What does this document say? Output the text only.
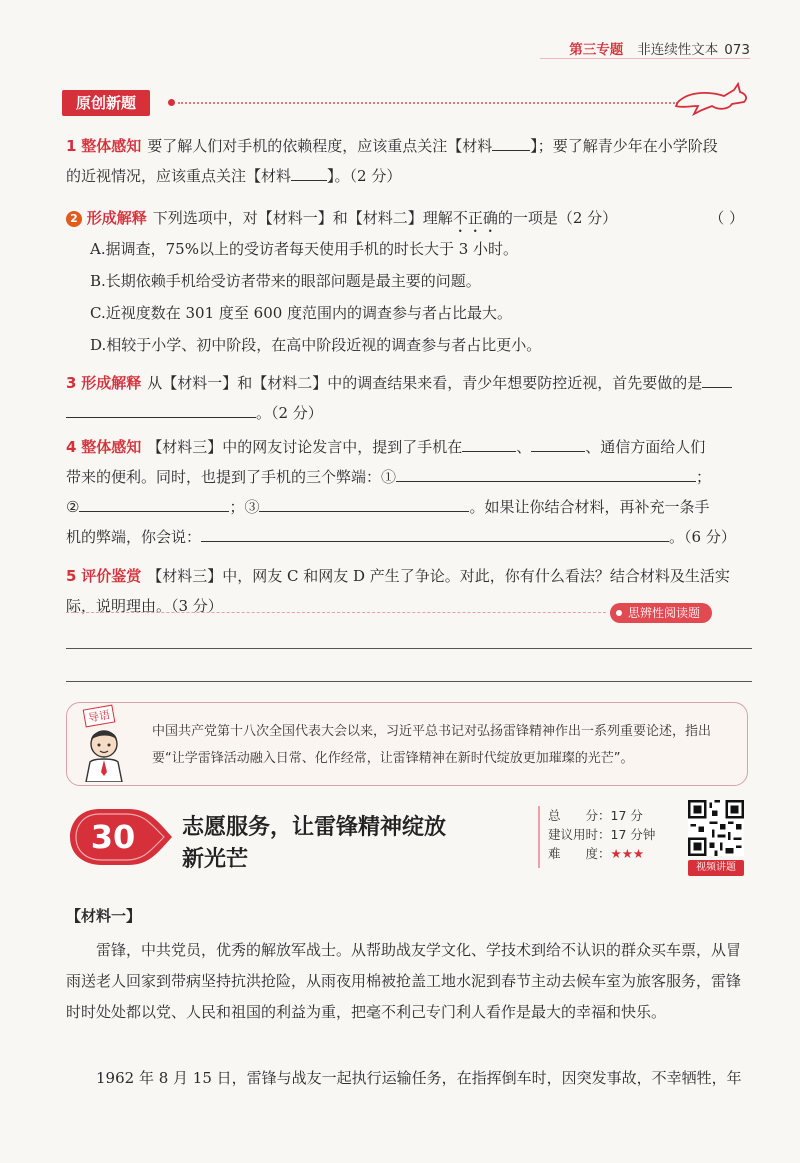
第三专题 非连续性文本 073
原创新题
1 整体感知 要了解人们对手机的依赖程度，应该重点关注【材料	】；要了解青少年在小学阶段
的近视情况，应该重点关注【材料 】。（2 分）
2 形成解释 下列选项中，对【材料一】和【材料二】理解不正确的一项是（2 分）	（ ）
A.据调查，75%以上的受访者每天使用手机的时长大于 3 小时。
B.长期依赖手机给受访者带来的眼部问题是最主要的问题。
C.近视度数在 301 度至 600 度范围内的调查参与者占比最大。
D.相较于小学、初中阶段，在高中阶段近视的调查参与者占比更小。
3 形成解释 从【材料一】和【材料二】中的调查结果来看，青少年想要防控近视，首先要做的是
。（2 分）
4 整体感知 【材料三】中的网友讨论发言中，提到了手机在	、	、通信方面给人们
带来的便利。同时，也提到了手机的三个弊端：①	；
②	；③	。如果让你结合材料，再补充一条手
机的弊端，你会说：	。（6 分）
5 评价鉴赏 【材料三】中，网友 C 和网友 D 产生了争论。对此，你有什么看法？结合材料及生活实
际，说明理由。（3 分）	思辨性阅读题
导语
中国共产党第十八次全国代表大会以来，习近平总书记对弘扬雷锋精神作出一系列重要论述，指出要“让学雷锋活动融入日常、化作经常，让雷锋精神在新时代绽放更加璀璨的光芒”。
30	志愿服务，让雷锋精神绽放
新光芒
总　　分：17 分
建议用时：17 分钟
难　　度：★★★
视频讲题
【材料一】
雷锋，中共党员，优秀的解放军战士。从帮助战友学文化、学技术到给不认识的群众买车票，从冒雨送老人回家到带病坚持抗洪抢险，从雨夜用棉被抢盖工地水泥到春节主动去候车室为旅客服务，雷锋时时处处都以党、人民和祖国的利益为重，把毫不利己专门利人看作是最大的幸福和快乐。
1962 年 8 月 15 日，雷锋与战友一起执行运输任务，在指挥倒车时，因突发事故，不幸牺牲，年
